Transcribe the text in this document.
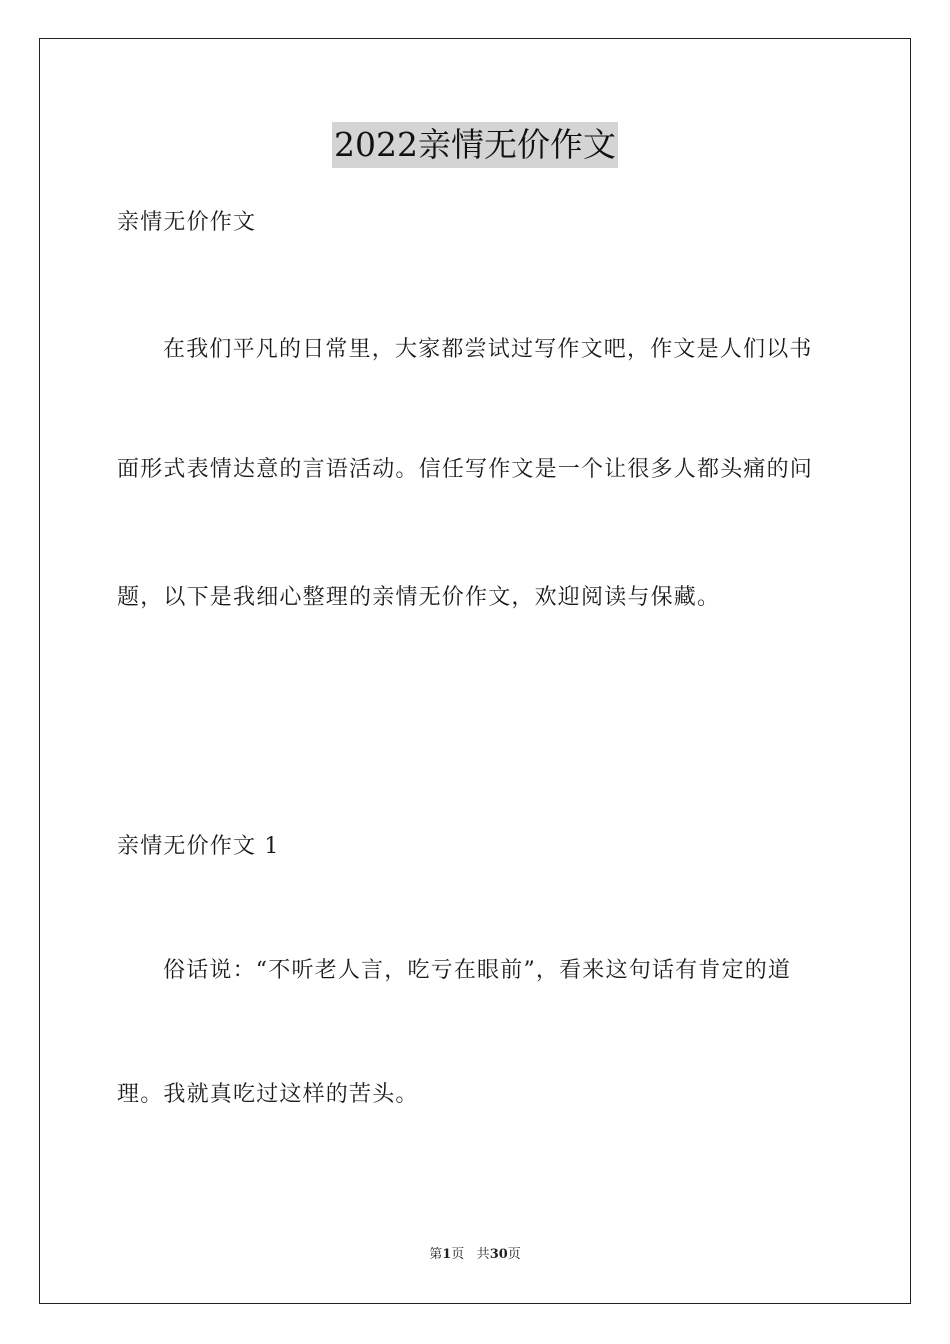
2022亲情无价作文
亲情无价作文
在我们平凡的日常里，大家都尝试过写作文吧，作文是人们以书
面形式表情达意的言语活动。信任写作文是一个让很多人都头痛的问
题，以下是我细心整理的亲情无价作文，欢迎阅读与保藏。
亲情无价作文 1
俗话说：“不听老人言，吃亏在眼前”，看来这句话有肯定的道
理。我就真吃过这样的苦头。
第1页 共30页
